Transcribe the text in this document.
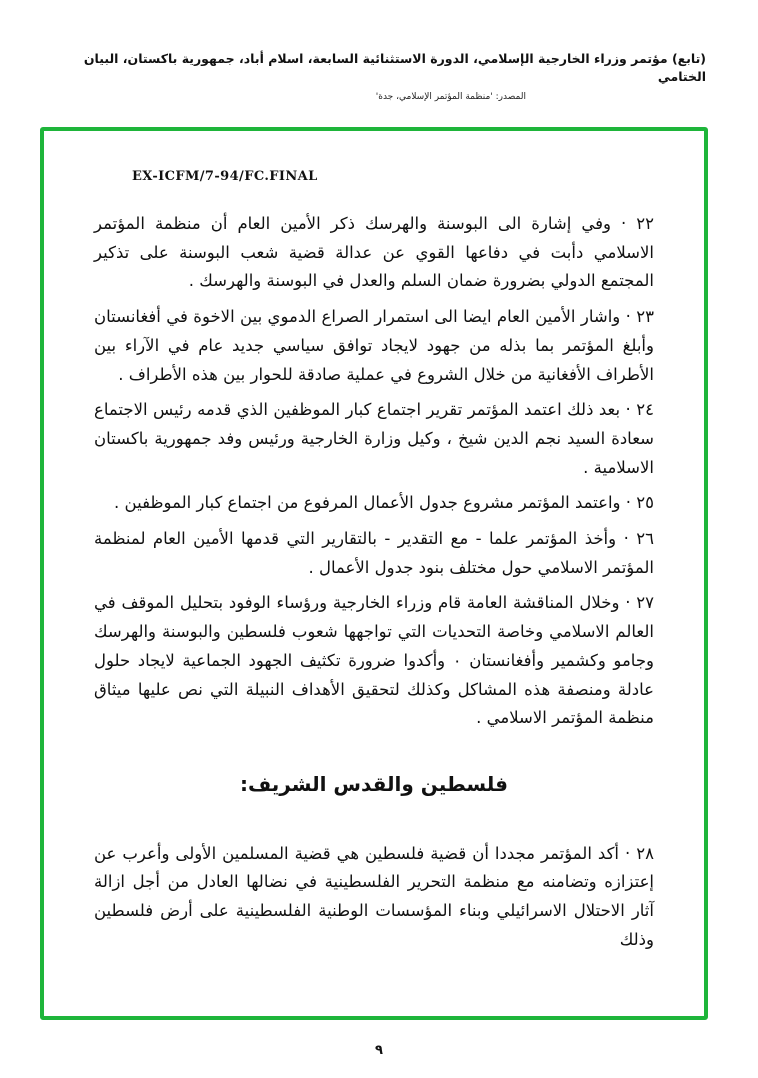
(تابع) مؤتمر وزراء الخارجية الإسلامي، الدورة الاستثنائية السابعة، اسلام أباد، جمهورية باكستان، البيان الختامي
المصدر: 'منظمة المؤتمر الإسلامي، جدة'
EX-ICFM/7-94/FC.FINAL

٢٢ · وفي إشارة الى البوسنة والهرسك ذكر الأمين العام أن منظمة المؤتمر الاسلامي دأبت في دفاعها القوي عن عدالة قضية شعب البوسنة على تذكير المجتمع الدولي بضرورة ضمان السلم والعدل في البوسنة والهرسك .

٢٣ · واشار الأمين العام ايضا الى استمرار الصراع الدموي بين الاخوة في أفغانستان وأبلغ المؤتمر بما بذله من جهود لايجاد توافق سياسي جديد عام في الآراء بين الأطراف الأفغانية من خلال الشروع في عملية صادقة للحوار بين هذه الأطراف .

٢٤ · بعد ذلك اعتمد المؤتمر تقرير اجتماع كبار الموظفين الذي قدمه رئيس الاجتماع سعادة السيد نجم الدين شيخ ، وكيل وزارة الخارجية ورئيس وفد جمهورية باكستان الاسلامية .

٢٥ · واعتمد المؤتمر مشروع جدول الأعمال المرفوع من اجتماع كبار الموظفين .

٢٦ · وأخذ المؤتمر علما - مع التقدير - بالتقارير التي قدمها الأمين العام لمنظمة المؤتمر الاسلامي حول مختلف بنود جدول الأعمال .

٢٧ · وخلال المناقشة العامة قام وزراء الخارجية ورؤساء الوفود بتحليل الموقف في العالم الاسلامي وخاصة التحديات التي تواجهها شعوب فلسطين والبوسنة والهرسك وجامو وكشمير وأفغانستان ٠ وأكدوا ضرورة تكثيف الجهود الجماعية لايجاد حلول عادلة ومنصفة هذه المشاكل وكذلك لتحقيق الأهداف النبيلة التي نص عليها ميثاق منظمة المؤتمر الاسلامي .

فلسطين والقدس الشريف:

٢٨ · أكد المؤتمر مجددا أن قضية فلسطين هي قضية المسلمين الأولى وأعرب عن إعتزازه وتضامنه مع منظمة التحرير الفلسطينية في نضالها العادل من أجل ازالة آثار الاحتلال الاسرائيلي وبناء المؤسسات الوطنية الفلسطينية على أرض فلسطين وذلك

٩
